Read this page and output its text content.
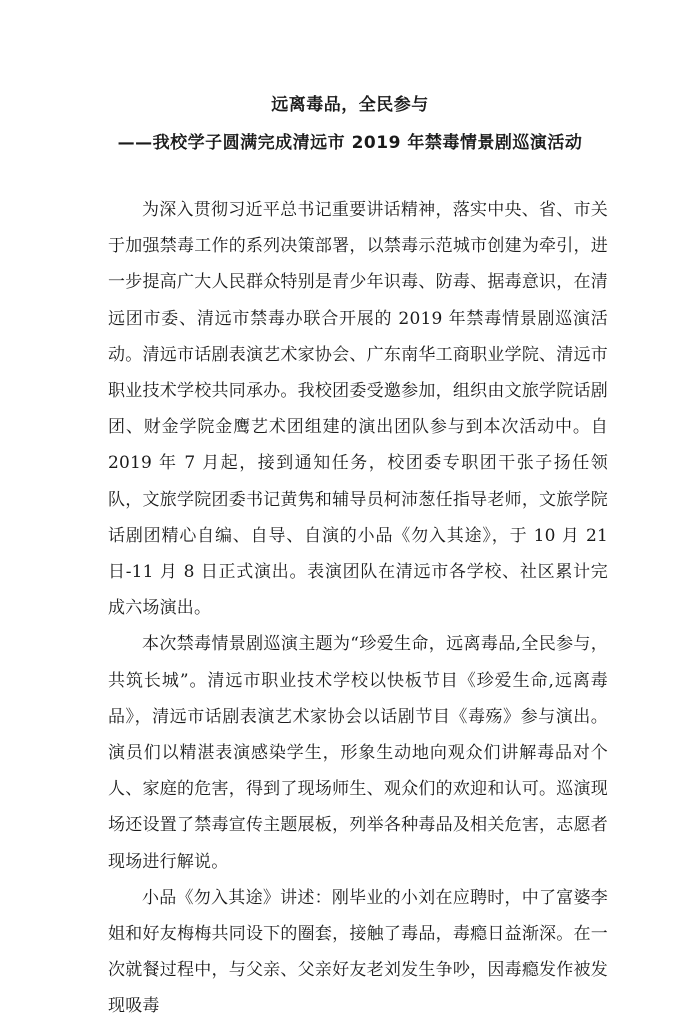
远离毒品，全民参与
——我校学子圆满完成清远市 2019 年禁毒情景剧巡演活动

为深入贯彻习近平总书记重要讲话精神，落实中央、省、市关于加强禁毒工作的系列决策部署，以禁毒示范城市创建为牵引，进一步提高广大人民群众特别是青少年识毒、防毒、据毒意识，在清远团市委、清远市禁毒办联合开展的 2019 年禁毒情景剧巡演活动。清远市话剧表演艺术家协会、广东南华工商职业学院、清远市职业技术学校共同承办。我校团委受邀参加，组织由文旅学院话剧团、财金学院金鹰艺术团组建的演出团队参与到本次活动中。自 2019 年 7 月起，接到通知任务，校团委专职团干张子扬任领队，文旅学院团委书记黄隽和辅导员柯沛葱任指导老师，文旅学院话剧团精心自编、自导、自演的小品《勿入其途》，于 10 月 21 日-11 月 8 日正式演出。表演团队在清远市各学校、社区累计完成六场演出。

本次禁毒情景剧巡演主题为“珍爱生命，远离毒品,全民参与，共筑长城”。清远市职业技术学校以快板节目《珍爱生命,远离毒品》，清远市话剧表演艺术家协会以话剧节目《毒殇》参与演出。演员们以精湛表演感染学生，形象生动地向观众们讲解毒品对个人、家庭的危害，得到了现场师生、观众们的欢迎和认可。巡演现场还设置了禁毒宣传主题展板，列举各种毒品及相关危害，志愿者现场进行解说。

小品《勿入其途》讲述：刚毕业的小刘在应聘时，中了富婆李姐和好友梅梅共同设下的圈套，接触了毒品，毒瘾日益渐深。在一次就餐过程中，与父亲、父亲好友老刘发生争吵，因毒瘾发作被发现吸毒
